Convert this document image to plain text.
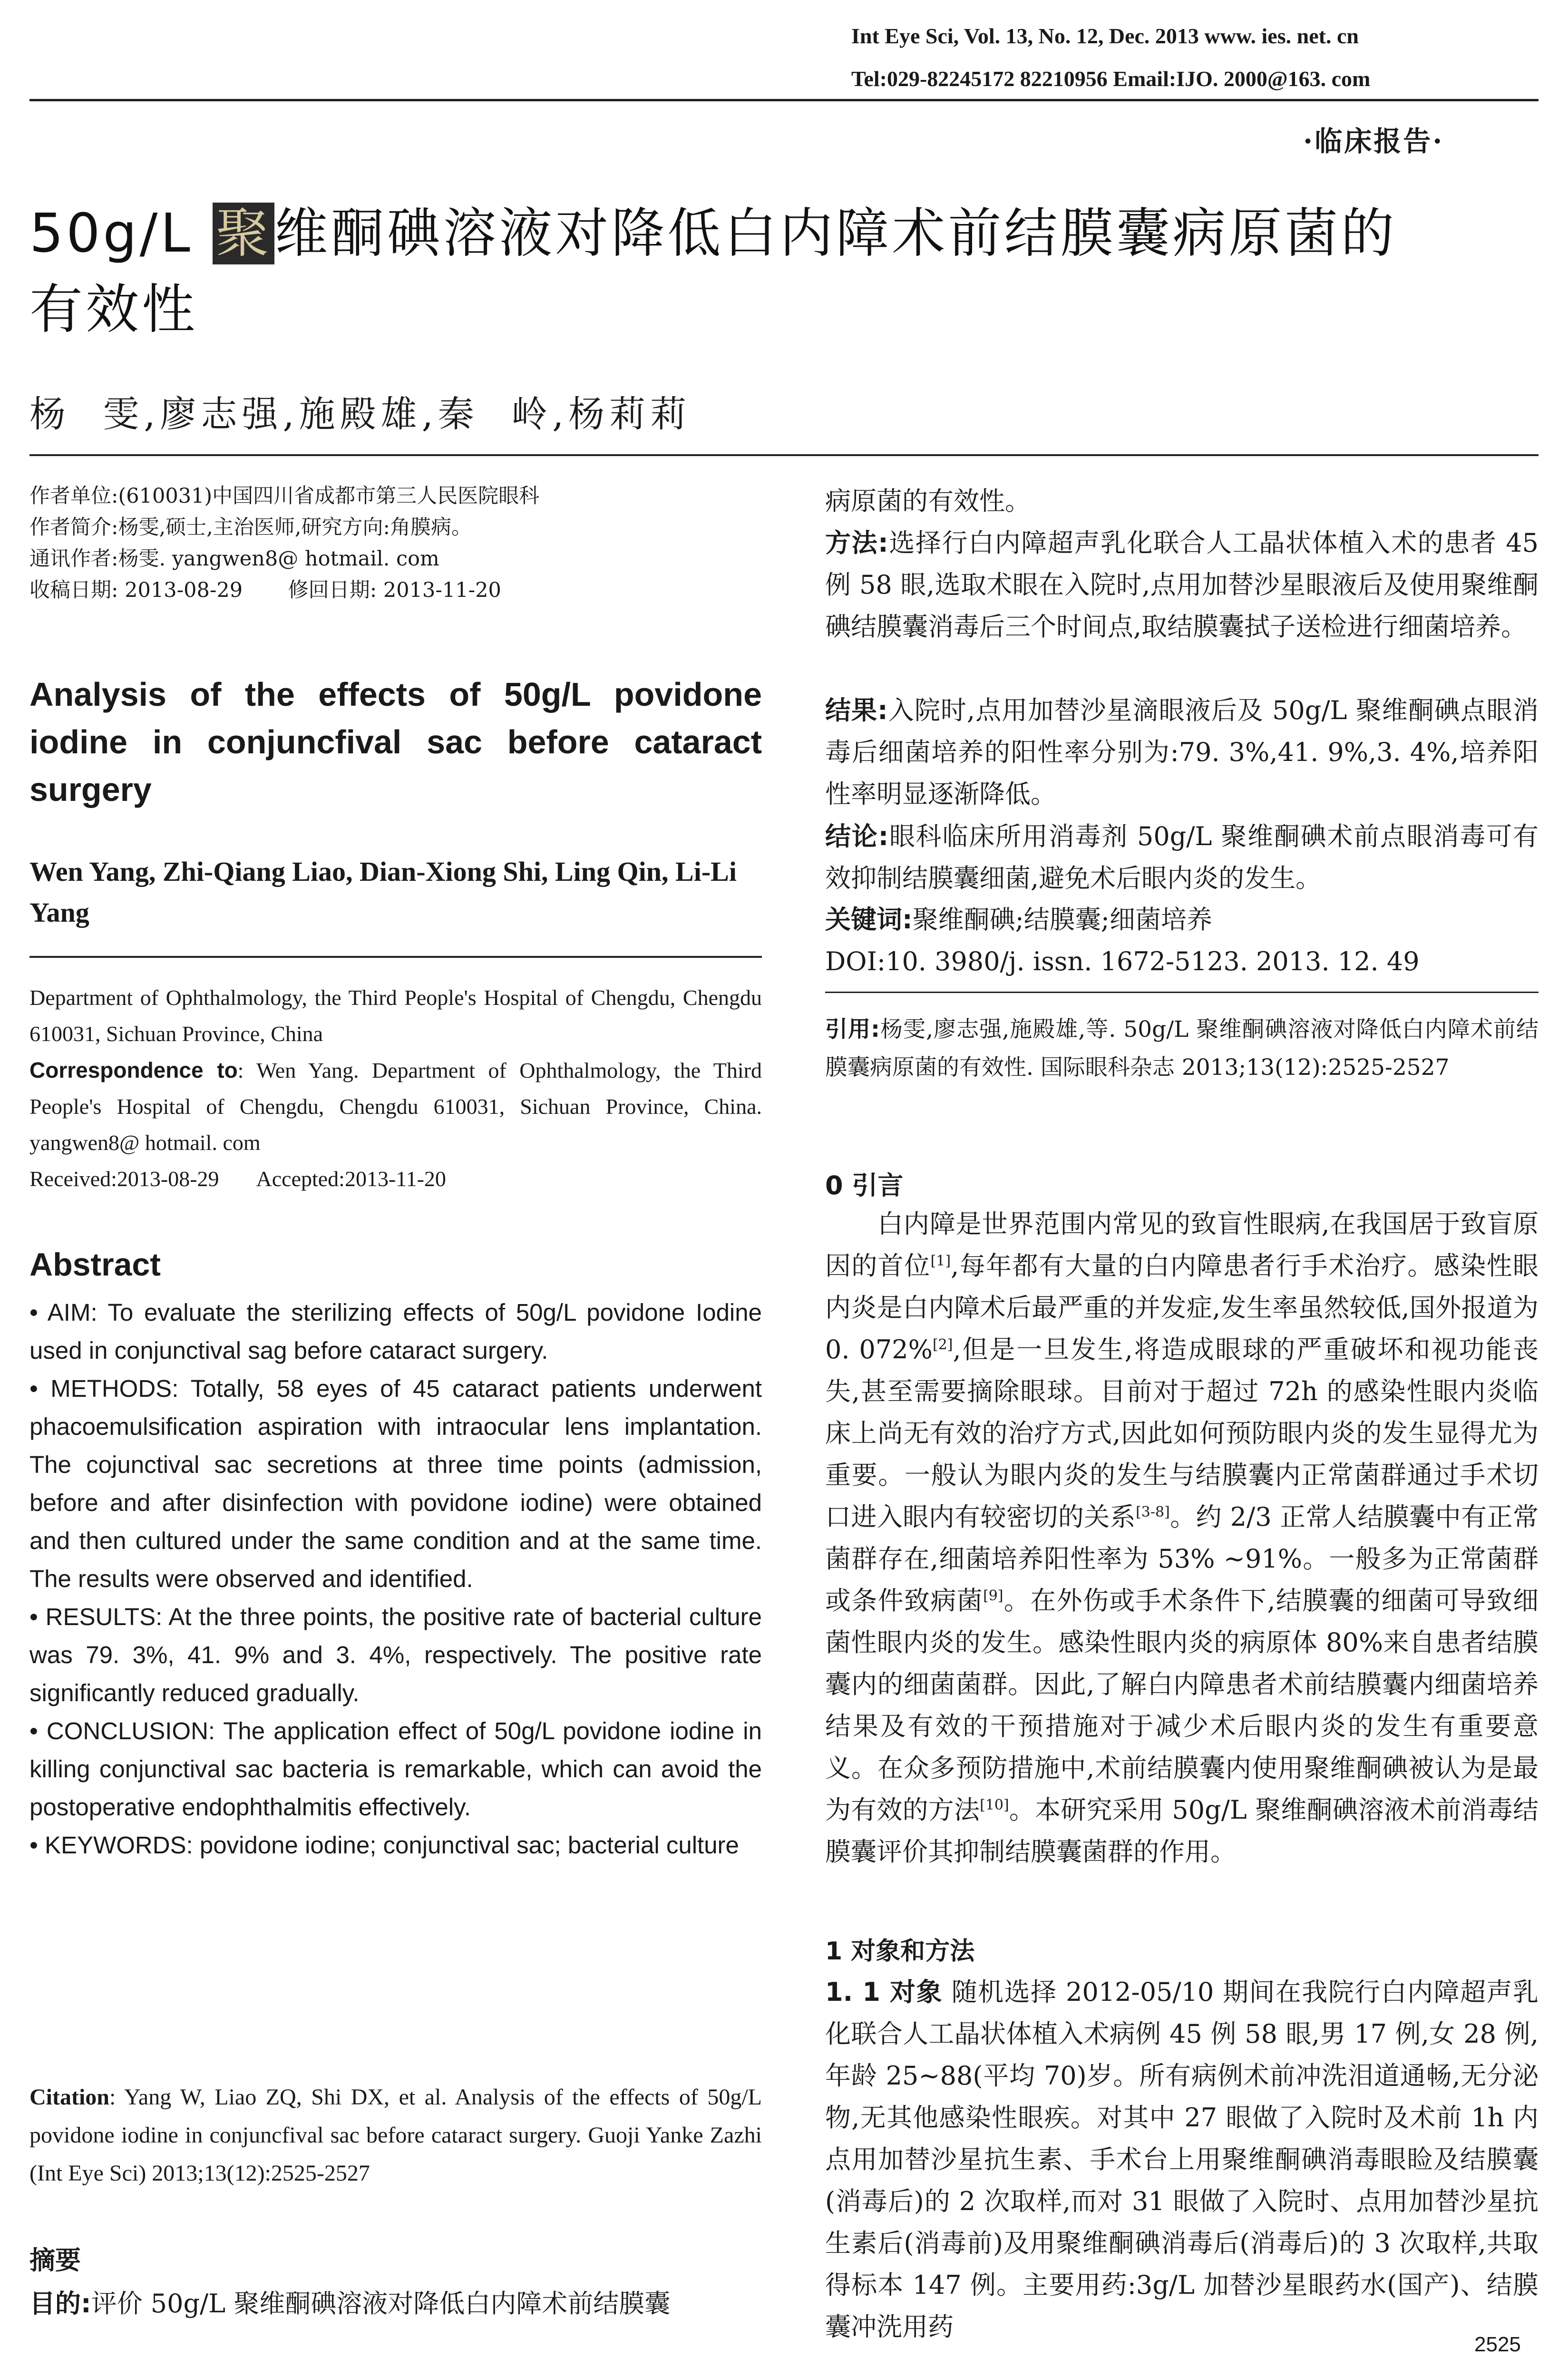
Int Eye Sci, Vol. 13, No. 12, Dec. 2013 www. ies. net. cn
Tel:029-82245172 82210956 Email:IJO. 2000@163. com
·临床报告·
50g/L 聚维酮碘溶液对降低白内障术前结膜囊病原菌的
有效性
杨  雯,廖志强,施殿雄,秦  岭,杨莉莉
作者单位:(610031)中国四川省成都市第三人民医院眼科
作者简介:杨雯,硕士,主治医师,研究方向:角膜病。
通讯作者:杨雯. yangwen8@ hotmail. com
收稿日期: 2013-08-29       修回日期: 2013-11-20
Analysis of the effects of 50g/L povidone iodine in conjuncfival sac before cataract surgery
Wen Yang, Zhi-Qiang Liao, Dian-Xiong Shi, Ling Qin, Li-Li Yang
Department of Ophthalmology, the Third People's Hospital of Chengdu, Chengdu 610031, Sichuan Province, China
Correspondence to: Wen Yang. Department of Ophthalmology, the Third People's Hospital of Chengdu, Chengdu 610031, Sichuan Province, China. yangwen8@ hotmail. com
Received:2013-08-29       Accepted:2013-11-20
Abstract

• AIM: To evaluate the sterilizing effects of 50g/L povidone Iodine used in conjunctival sag before cataract surgery.

• METHODS: Totally, 58 eyes of 45 cataract patients underwent phacoemulsification aspiration with intraocular lens implantation. The cojunctival sac secretions at three time points (admission, before and after disinfection with povidone iodine) were obtained and then cultured under the same condition and at the same time. The results were observed and identified.

• RESULTS: At the three points, the positive rate of bacterial culture was 79. 3%, 41. 9% and 3. 4%, respectively. The positive rate significantly reduced gradually.

• CONCLUSION: The application effect of 50g/L povidone iodine in killing conjunctival sac bacteria is remarkable, which can avoid the postoperative endophthalmitis effectively.

• KEYWORDS: povidone iodine; conjunctival sac; bacterial culture

Citation: Yang W, Liao ZQ, Shi DX, et al. Analysis of the effects of 50g/L povidone iodine in conjuncfival sac before cataract surgery. Guoji Yanke Zazhi (Int Eye Sci) 2013;13(12):2525-2527
摘要
目的:评价 50g/L 聚维酮碘溶液对降低白内障术前结膜囊
病原菌的有效性。
方法:选择行白内障超声乳化联合人工晶状体植入术的患者 45 例 58 眼,选取术眼在入院时,点用加替沙星眼液后及使用聚维酮碘结膜囊消毒后三个时间点,取结膜囊拭子送检进行细菌培养。
结果:入院时,点用加替沙星滴眼液后及 50g/L 聚维酮碘点眼消毒后细菌培养的阳性率分别为:79. 3%,41. 9%,3. 4%,培养阳性率明显逐渐降低。
结论:眼科临床所用消毒剂 50g/L 聚维酮碘术前点眼消毒可有效抑制结膜囊细菌,避免术后眼内炎的发生。
关键词:聚维酮碘;结膜囊;细菌培养
DOI:10. 3980/j. issn. 1672-5123. 2013. 12. 49
引用:杨雯,廖志强,施殿雄,等. 50g/L 聚维酮碘溶液对降低白内障术前结膜囊病原菌的有效性. 国际眼科杂志 2013;13(12):2525-2527
0 引言
白内障是世界范围内常见的致盲性眼病,在我国居于致盲原因的首位[1],每年都有大量的白内障患者行手术治疗。感染性眼内炎是白内障术后最严重的并发症,发生率虽然较低,国外报道为 0. 072%[2],但是一旦发生,将造成眼球的严重破坏和视功能丧失,甚至需要摘除眼球。目前对于超过 72h 的感染性眼内炎临床上尚无有效的治疗方式,因此如何预防眼内炎的发生显得尤为重要。一般认为眼内炎的发生与结膜囊内正常菌群通过手术切口进入眼内有较密切的关系[3-8]。约 2/3 正常人结膜囊中有正常菌群存在,细菌培养阳性率为 53% ~91%。一般多为正常菌群或条件致病菌[9]。在外伤或手术条件下,结膜囊的细菌可导致细菌性眼内炎的发生。感染性眼内炎的病原体 80%来自患者结膜囊内的细菌菌群。因此,了解白内障患者术前结膜囊内细菌培养结果及有效的干预措施对于减少术后眼内炎的发生有重要意义。在众多预防措施中,术前结膜囊内使用聚维酮碘被认为是最为有效的方法[10]。本研究采用 50g/L 聚维酮碘溶液术前消毒结膜囊评价其抑制结膜囊菌群的作用。
1 对象和方法
1. 1 对象 随机选择 2012-05/10 期间在我院行白内障超声乳化联合人工晶状体植入术病例 45 例 58 眼,男 17 例,女 28 例,年龄 25~88(平均 70)岁。所有病例术前冲洗泪道通畅,无分泌物,无其他感染性眼疾。对其中 27 眼做了入院时及术前 1h 内点用加替沙星抗生素、手术台上用聚维酮碘消毒眼睑及结膜囊(消毒后)的 2 次取样,而对 31 眼做了入院时、点用加替沙星抗生素后(消毒前)及用聚维酮碘消毒后(消毒后)的 3 次取样,共取得标本 147 例。主要用药:3g/L 加替沙星眼药水(国产)、结膜囊冲洗用药
2525
